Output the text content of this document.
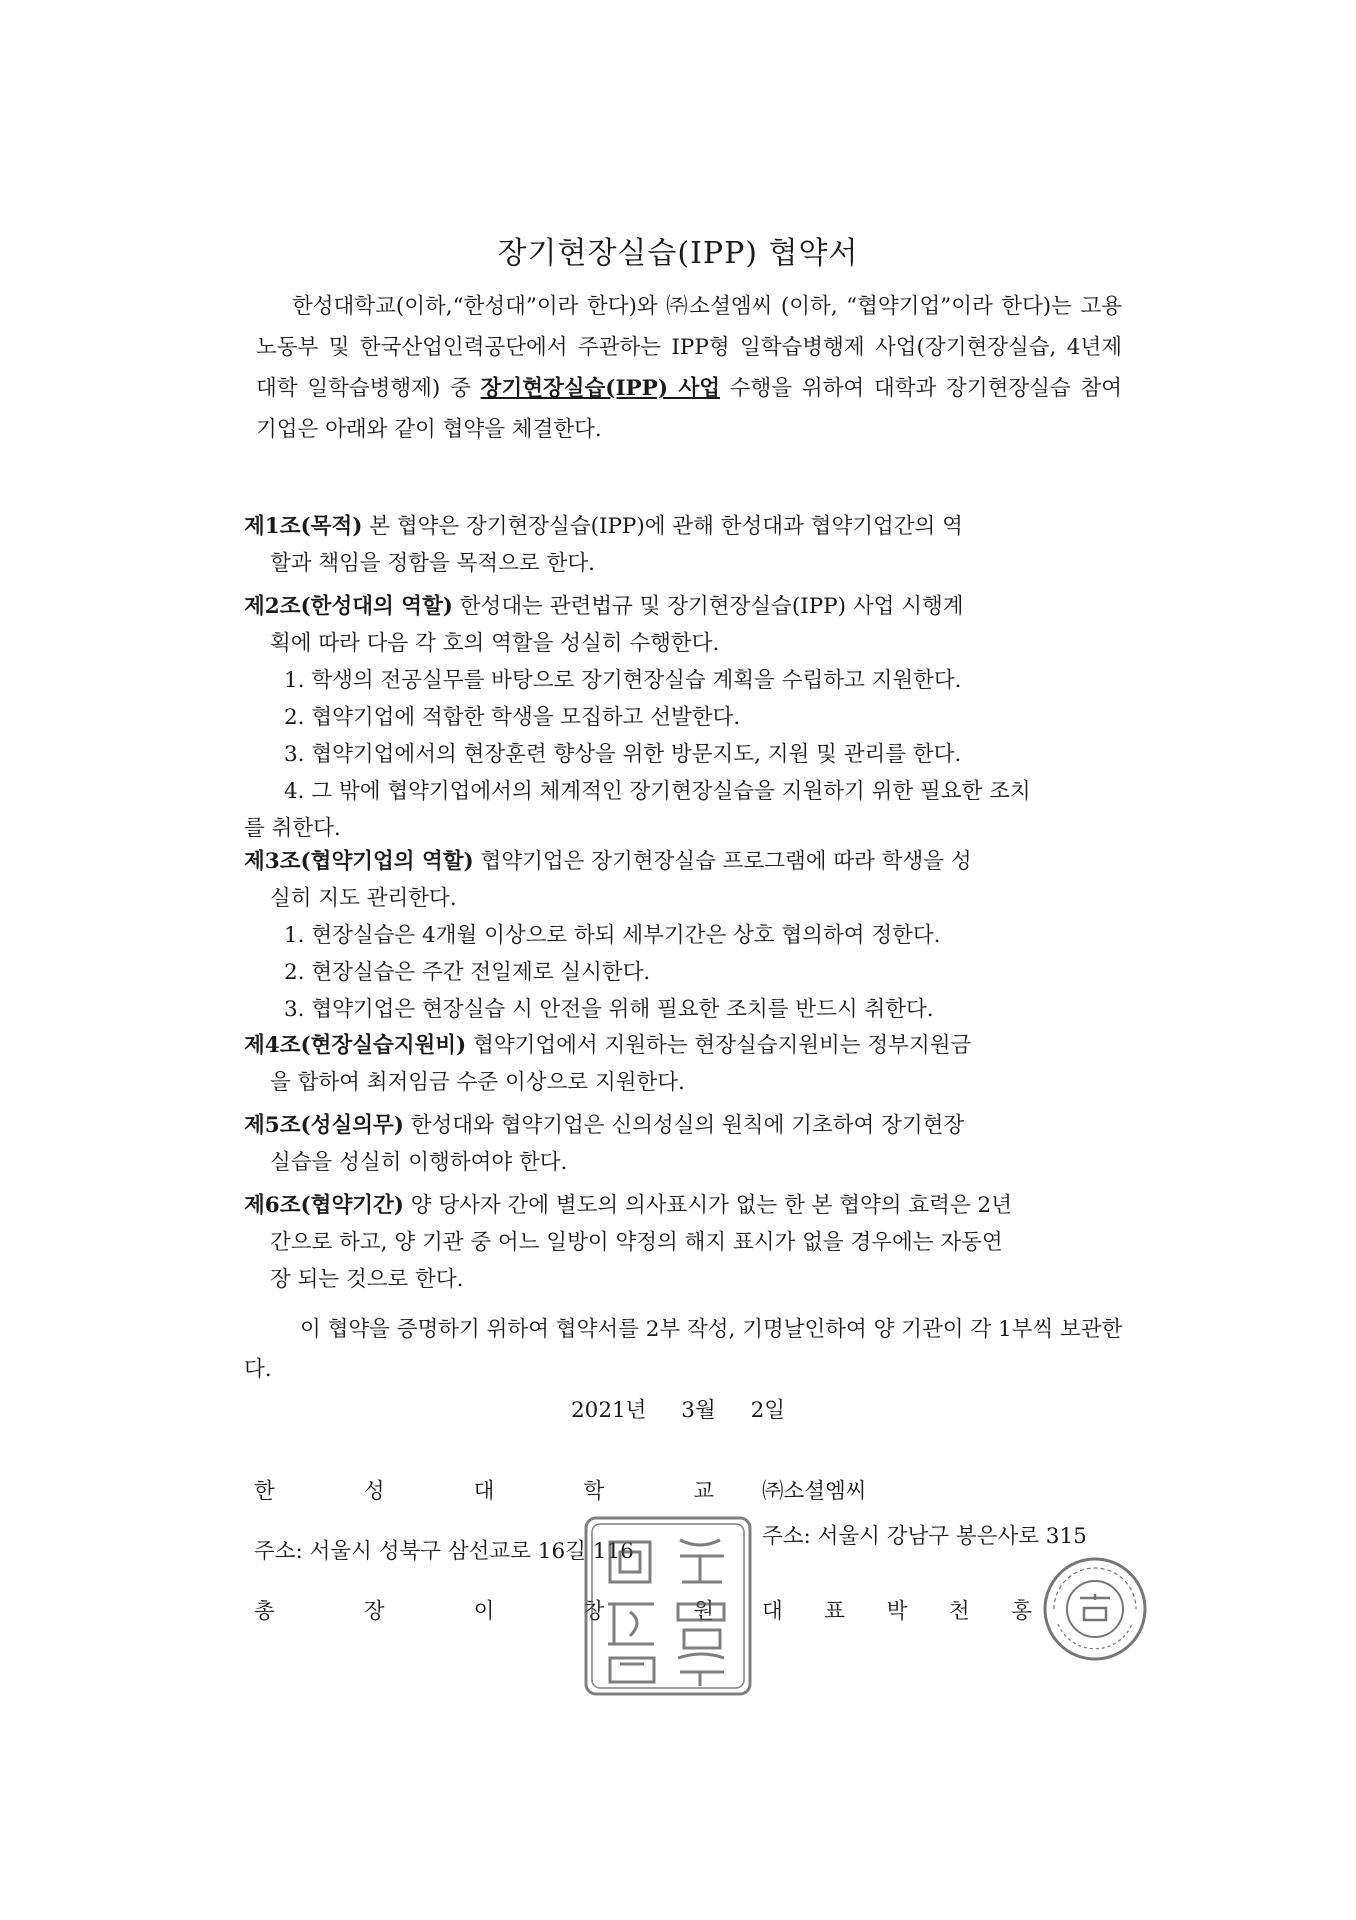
장기현장실습(IPP) 협약서
한성대학교(이하,“한성대”이라 한다)와 ㈜소셜엠씨 (이하, “협약기업”이라 한다)는 고용노동부 및 한국산업인력공단에서 주관하는 IPP형 일학습병행제 사업(장기현장실습, 4년제 대학 일학습병행제) 중 장기현장실습(IPP) 사업 수행을 위하여 대학과 장기현장실습 참여 기업은 아래와 같이 협약을 체결한다.
제1조(목적) 본 협약은 장기현장실습(IPP)에 관해 한성대과 협약기업간의 역
할과 책임을 정함을 목적으로 한다.
제2조(한성대의 역할) 한성대는 관련법규 및 장기현장실습(IPP) 사업 시행계
획에 따라 다음 각 호의 역할을 성실히 수행한다.
1. 학생의 전공실무를 바탕으로 장기현장실습 계획을 수립하고 지원한다.
2. 협약기업에 적합한 학생을 모집하고 선발한다.
3. 협약기업에서의 현장훈련 향상을 위한 방문지도, 지원 및 관리를 한다.
4. 그 밖에 협약기업에서의 체계적인 장기현장실습을 지원하기 위한 필요한 조치
를 취한다.
제3조(협약기업의 역할) 협약기업은 장기현장실습 프로그램에 따라 학생을 성
실히 지도 관리한다.
1. 현장실습은 4개월 이상으로 하되 세부기간은 상호 협의하여 정한다.
2. 현장실습은 주간 전일제로 실시한다.
3. 협약기업은 현장실습 시 안전을 위해 필요한 조치를 반드시 취한다.
제4조(현장실습지원비) 협약기업에서 지원하는 현장실습지원비는 정부지원금
을 합하여 최저임금 수준 이상으로 지원한다.
제5조(성실의무) 한성대와 협약기업은 신의성실의 원칙에 기초하여 장기현장
실습을 성실히 이행하여야 한다.
제6조(협약기간) 양 당사자 간에 별도의 의사표시가 없는 한 본 협약의 효력은 2년
간으로 하고, 양 기관 중 어느 일방이 약정의 해지 표시가 없을 경우에는 자동연
장 되는 것으로 한다.
이 협약을 증명하기 위하여 협약서를 2부 작성, 기명날인하여 양 기관이 각 1부씩 보관한다.
2021년 3월 2일
한	성	대	학	교
주소: 서울시 성북구 삼선교로 16길 116
총	장	이	창	원
㈜소셜엠씨
주소: 서울시 강남구 봉은사로 315
대 표 박 천 홍
